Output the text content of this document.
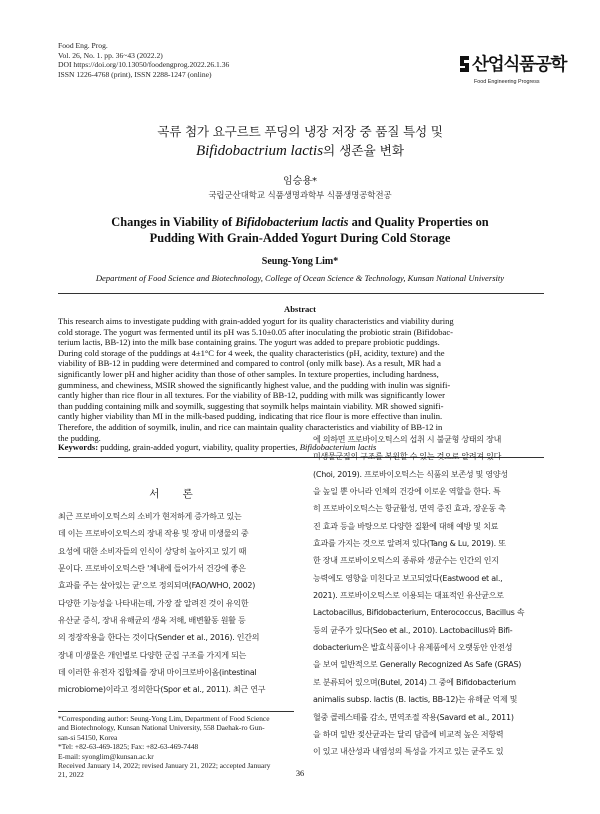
Food Eng. Prog.
Vol. 26, No. 1. pp. 36~43 (2022.2)
DOI https://doi.org/10.13050/foodengprog.2022.26.1.36
ISSN 1226-4768 (print), ISSN 2288-1247 (online)	산업식품공학
Food Engineering Progress
곡류 첨가 요구르트 푸딩의 냉장 저장 중 품질 특성 및
Bifidobactrium lactis의 생존율 변화
임승용*
국립군산대학교 식품생명과학부 식품생명공학전공
Changes in Viability of Bifidobacterium lactis and Quality Properties on
Pudding With Grain-Added Yogurt During Cold Storage
Seung-Yong Lim*
Department of Food Science and Biotechnology, College of Ocean Science & Technology, Kunsan National University
Abstract
This research aims to investigate pudding with grain-added yogurt for its quality characteristics and viability during
cold storage. The yogurt was fermented until its pH was 5.10±0.05 after inoculating the probiotic strain (Bifidobac-
terium lactis, BB-12) into the milk base containing grains. The yogurt was added to prepare probiotic puddings.
During cold storage of the puddings at 4±1°C for 4 week, the quality characteristics (pH, acidity, texture) and the
viability of BB-12 in pudding were determined and compared to control (only milk base). As a result, MR had a
significantly lower pH and higher acidity than those of other samples. In texture properties, including hardness,
gumminess, and chewiness, MSIR showed the significantly highest value, and the pudding with inulin was signifi-
cantly higher than rice flour in all textures. For the viability of BB-12, pudding with milk was significantly lower
than pudding containing milk and soymilk, suggesting that soymilk helps maintain viability. MR showed signifi-
cantly higher viability than MI in the milk-based pudding, indicating that rice flour is more effective than inulin.
Therefore, the addition of soymilk, inulin, and rice can maintain quality characteristics and viability of BB-12 in
the pudding.
Keywords: pudding, grain-added yogurt, viability, quality properties, Bifidobacterium lactis
서 론
최근 프로바이오틱스의 소비가 현저하게 증가하고 있는
데 이는 프로바이오틱스의 장내 작용 및 장내 미생물의 중
요성에 대한 소비자들의 인식이 상당히 높아지고 있기 때
문이다. 프로바이오틱스란 '체내에 들어가서 건강에 좋은
효과를 주는 살아있는 균'으로 정의되며(FAO/WHO, 2002)
다양한 기능성을 나타내는데, 가장 잘 알려진 것이 유익한
유산균 증식, 장내 유해균의 생육 저해, 배변활동 원활 등
의 정장작용을 한다는 것이다(Sender et al., 2016). 인간의
장내 미생물은 개인별로 다양한 군집 구조를 가지게 되는
데 이러한 유전자 집합체를 장내 마이크로바이옴(intestinal
microbiome)이라고 정의한다(Spor et al., 2011). 최근 연구
에 의하면 프로바이오틱스의 섭취 시 불균형 상태의 장내
미생물군집의 구조를 복원할 수 있는 것으로 알려져 있다
(Choi, 2019). 프로바이오틱스는 식품의 보존성 및 영양성
을 높일 뿐 아니라 인체의 건강에 이로운 역할을 한다. 특
히 프로바이오틱스는 항균활성, 면역 증진 효과, 장운동 촉
진 효과 등을 바탕으로 다양한 질환에 대해 예방 및 치료
효과를 가지는 것으로 알려져 있다(Tang & Lu, 2019). 또
한 장내 프로바이오틱스의 종류와 생균수는 인간의 인지
능력에도 영향을 미친다고 보고되었다(Eastwood et al.,
2021). 프로바이오틱스로 이용되는 대표적인 유산균으로
Lactobacillus, Bifidobacterium, Enterococcus, Bacillus 속
등의 균주가 있다(Seo et al., 2010). Lactobacillus와 Bifi-
dobacterium은 발효식품이나 유제품에서 오랫동안 안전성
을 보여 일반적으로 Generally Recognized As Safe (GRAS)
로 분류되어 있으며(Butel, 2014) 그 중에 Bifidobacterium
animalis subsp. lactis (B. lactis, BB-12)는 유해균 억제 및
혈중 콜레스테롤 감소, 면역조절 작용(Savard et al., 2011)
을 하며 일반 젖산균과는 달리 담즙에 비교적 높은 저항력
이 있고 내산성과 내염성의 특성을 가지고 있는 균주도 있
*Corresponding author: Seung-Yong Lim, Department of Food Science
and Biotechnology, Kunsan National University, 558 Daehak-ro Gun-
san-si 54150, Korea
*Tel: +82-63-469-1825; Fax: +82-63-469-7448
E-mail: syonglim@kunsan.ac.kr
Received January 14, 2022; revised January 21, 2022; accepted January
21, 2022	36
